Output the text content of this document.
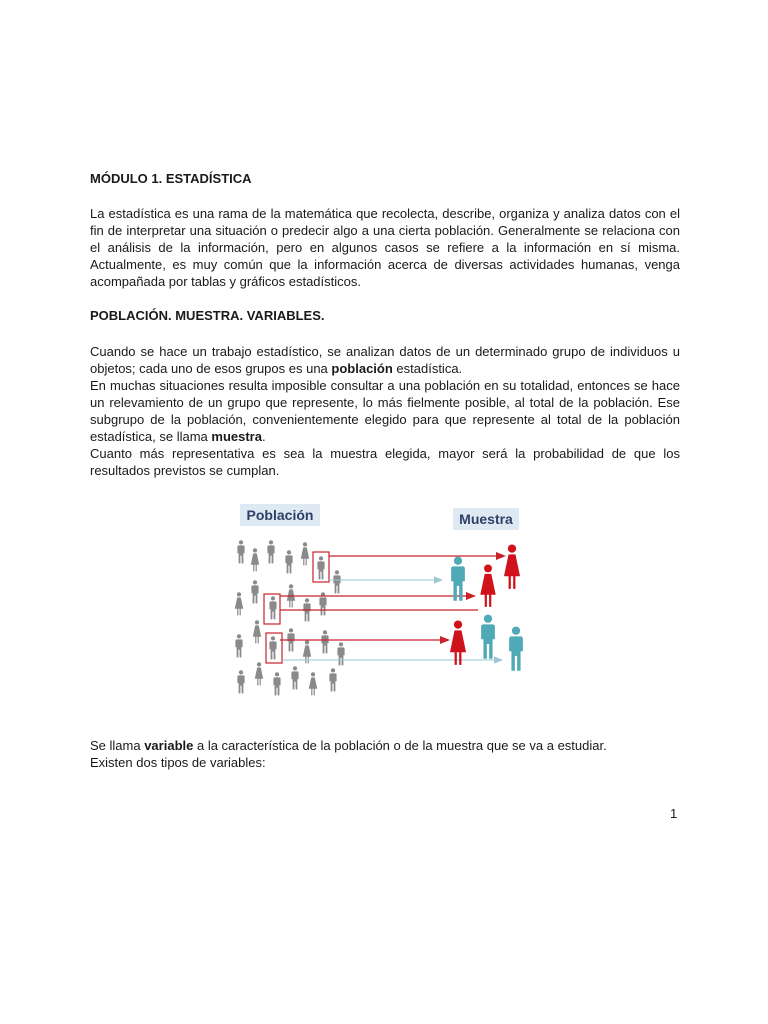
MÓDULO 1. ESTADÍSTICA

La estadística es una rama de la matemática que recolecta, describe, organiza y analiza datos con el fin de interpretar una situación o predecir algo a una cierta población. Generalmente se relaciona con el análisis de la información, pero en algunos casos se refiere a la información en sí misma. Actualmente, es muy común que la información acerca de diversas actividades humanas, venga acompañada por tablas y gráficos estadísticos.

POBLACIÓN. MUESTRA. VARIABLES.

Cuando se hace un trabajo estadístico, se analizan datos de un determinado grupo de individuos u objetos; cada uno de esos grupos es una población estadística.

En muchas situaciones resulta imposible consultar a una población en su totalidad, entonces se hace un relevamiento de un grupo que represente, lo más fielmente posible, al total de la población. Ese subgrupo de la población, convenientemente elegido para que represente al total de la población estadística, se llama muestra.

Cuanto más representativa es sea la muestra elegida, mayor será la probabilidad de que los resultados previstos se cumplan.

Población	Muestra

Se llama variable a la característica de la población o de la muestra que se va a estudiar.

Existen dos tipos de variables:

1
